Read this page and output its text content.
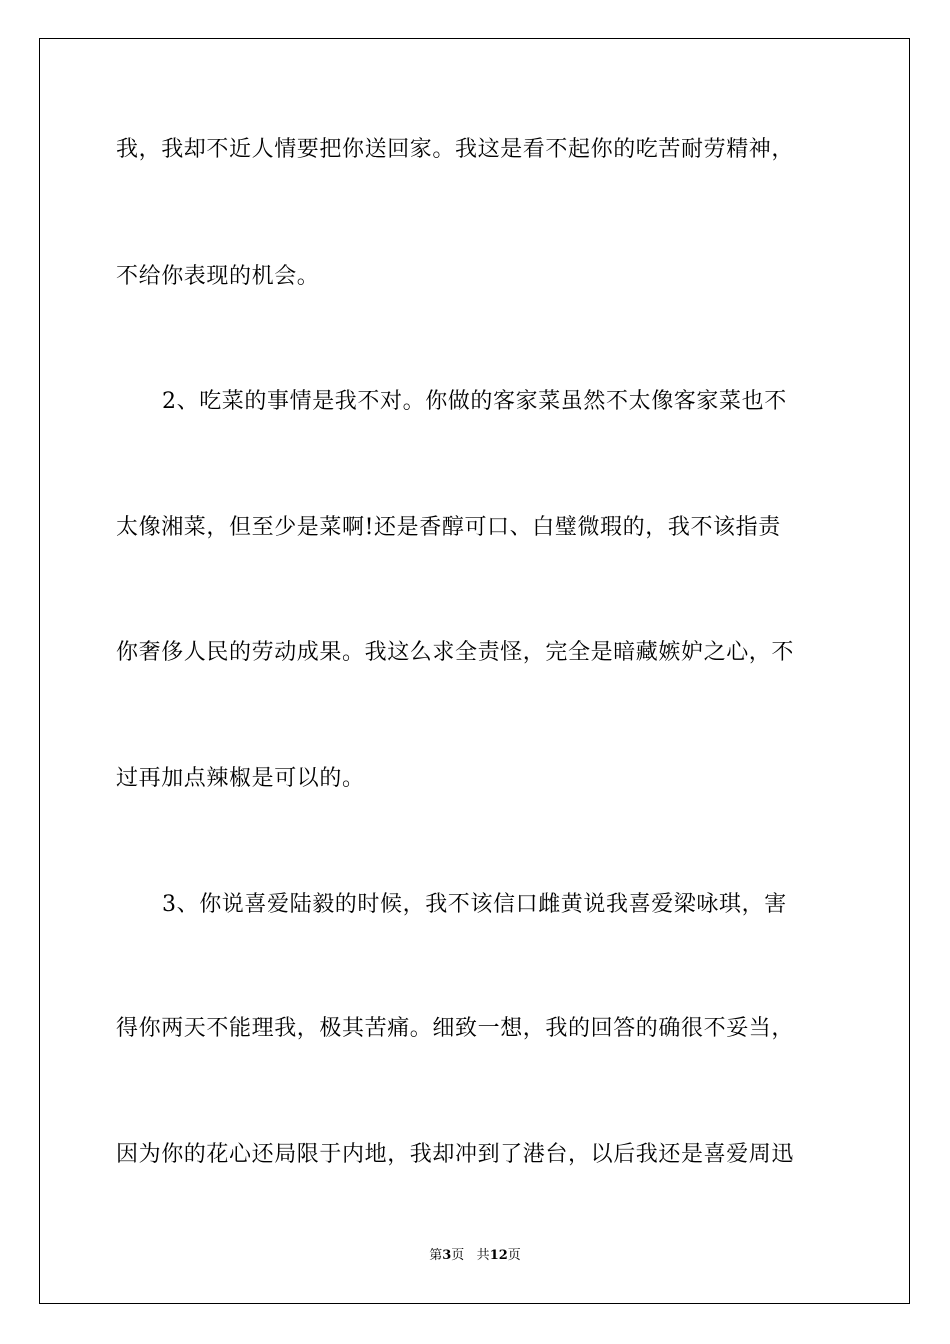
我，我却不近人情要把你送回家。我这是看不起你的吃苦耐劳精神，
不给你表现的机会。
2、吃菜的事情是我不对。你做的客家菜虽然不太像客家菜也不
太像湘菜，但至少是菜啊!还是香醇可口、白璧微瑕的，我不该指责
你奢侈人民的劳动成果。我这么求全责怪，完全是暗藏嫉妒之心，不
过再加点辣椒是可以的。
3、你说喜爱陆毅的时候，我不该信口雌黄说我喜爱梁咏琪，害
得你两天不能理我，极其苦痛。细致一想，我的回答的确很不妥当，
因为你的花心还局限于内地，我却冲到了港台，以后我还是喜爱周迅
第3页 共12页
